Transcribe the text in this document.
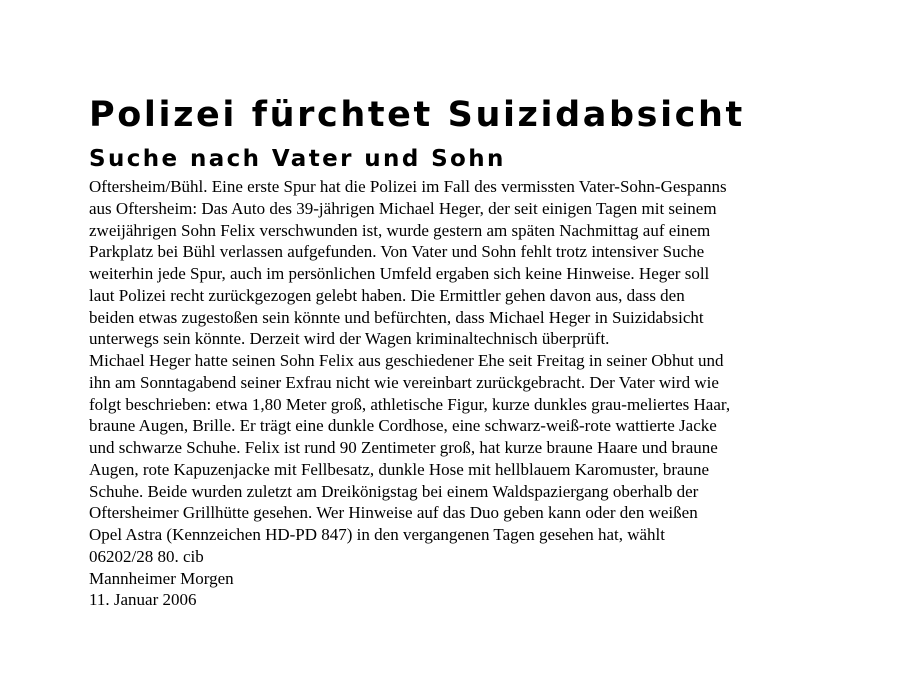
Polizei fürchtet Suizidabsicht
Suche nach Vater und Sohn
Oftersheim/Bühl. Eine erste Spur hat die Polizei im Fall des vermissten Vater-Sohn-Gespanns
aus Oftersheim: Das Auto des 39-jährigen Michael Heger, der seit einigen Tagen mit seinem
zweijährigen Sohn Felix verschwunden ist, wurde gestern am späten Nachmittag auf einem
Parkplatz bei Bühl verlassen aufgefunden. Von Vater und Sohn fehlt trotz intensiver Suche
weiterhin jede Spur, auch im persönlichen Umfeld ergaben sich keine Hinweise. Heger soll
laut Polizei recht zurückgezogen gelebt haben. Die Ermittler gehen davon aus, dass den
beiden etwas zugestoßen sein könnte und befürchten, dass Michael Heger in Suizidabsicht
unterwegs sein könnte. Derzeit wird der Wagen kriminaltechnisch überprüft.
Michael Heger hatte seinen Sohn Felix aus geschiedener Ehe seit Freitag in seiner Obhut und
ihn am Sonntagabend seiner Exfrau nicht wie vereinbart zurückgebracht. Der Vater wird wie
folgt beschrieben: etwa 1,80 Meter groß, athletische Figur, kurze dunkles grau-meliertes Haar,
braune Augen, Brille. Er trägt eine dunkle Cordhose, eine schwarz-weiß-rote wattierte Jacke
und schwarze Schuhe. Felix ist rund 90 Zentimeter groß, hat kurze braune Haare und braune
Augen, rote Kapuzenjacke mit Fellbesatz, dunkle Hose mit hellblauem Karomuster, braune
Schuhe. Beide wurden zuletzt am Dreikönigstag bei einem Waldspaziergang oberhalb der
Oftersheimer Grillhütte gesehen. Wer Hinweise auf das Duo geben kann oder den weißen
Opel Astra (Kennzeichen HD-PD 847) in den vergangenen Tagen gesehen hat, wählt
06202/28 80. cib
Mannheimer Morgen
11. Januar 2006
